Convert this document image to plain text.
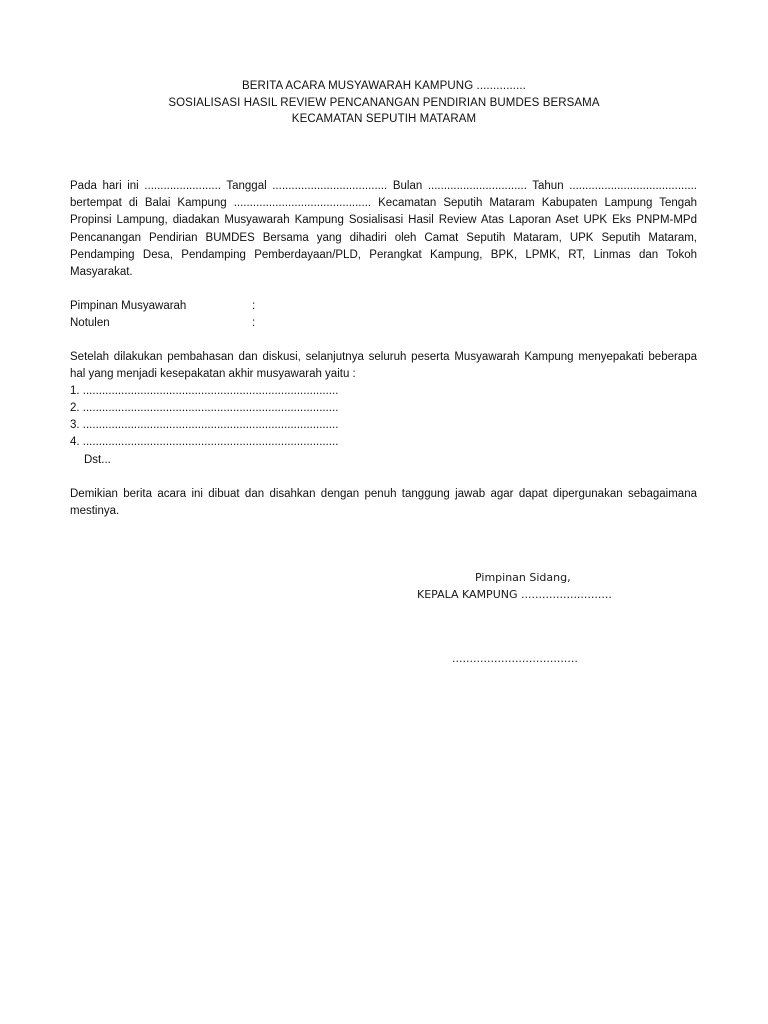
BERITA ACARA MUSYAWARAH KAMPUNG ...............
SOSIALISASI HASIL REVIEW PENCANANGAN PENDIRIAN BUMDES BERSAMA
KECAMATAN SEPUTIH MATARAM
Pada hari ini ........................ Tanggal .................................... Bulan ............................... Tahun ........................................ bertempat di Balai Kampung ........................................... Kecamatan Seputih Mataram Kabupaten Lampung Tengah Propinsi Lampung, diadakan Musyawarah Kampung Sosialisasi Hasil Review Atas Laporan Aset UPK Eks PNPM-MPd Pencanangan Pendirian BUMDES Bersama yang dihadiri oleh Camat Seputih Mataram, UPK Seputih Mataram, Pendamping Desa, Pendamping Pemberdayaan/PLD, Perangkat Kampung, BPK, LPMK, RT, Linmas dan Tokoh Masyarakat.
Pimpinan Musyawarah	:
Notulen	:
Setelah dilakukan pembahasan dan diskusi, selanjutnya seluruh peserta Musyawarah Kampung menyepakati beberapa hal yang menjadi kesepakatan akhir musyawarah yaitu :
1. ................................................................................
2. ................................................................................
3. ................................................................................
4. ................................................................................
Dst...
Demikian berita acara ini dibuat dan disahkan dengan penuh tanggung jawab agar dapat dipergunakan sebagaimana mestinya.
Pimpinan Sidang,
KEPALA KAMPUNG ..........................
....................................
